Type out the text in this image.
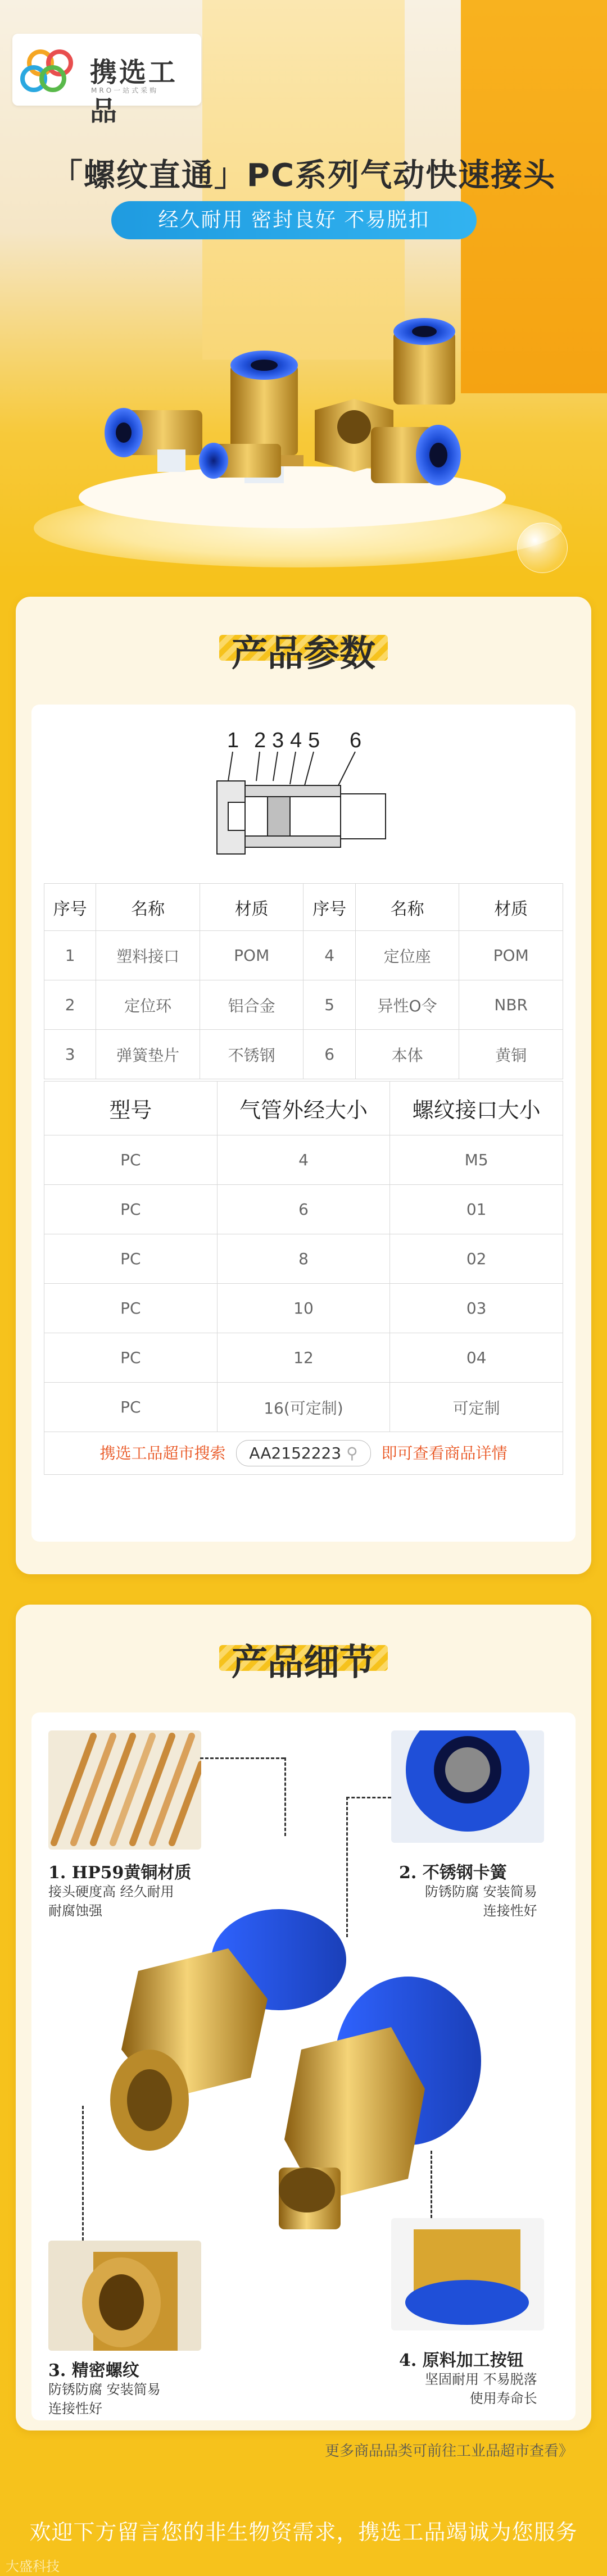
携选工品
MRO一站式采购
「螺纹直通」PC系列气动快速接头
经久耐用 密封良好 不易脱扣
产品参数
1 2 3 4 5 6
序号	名称	材质	序号	名称	材质
1	塑料接口	POM	4	定位座	POM
2	定位环	铝合金	5	异性O令	NBR
3	弹簧垫片	不锈钢	6	本体	黄铜
型号	气管外经大小	螺纹接口大小
PC	4	M5
PC	6	01
PC	8	02
PC	10	03
PC	12	04
PC	16(可定制)	可定制
携选工品超市搜索 AA2152223 ⚲ 即可查看商品详情		
产品细节
1. HP59黄铜材质
接头硬度高 经久耐用
耐腐蚀强
2. 不锈钢卡簧
防锈防腐 安装简易
连接性好
3. 精密螺纹
防锈防腐 安装简易
连接性好
4. 原料加工按钮
坚固耐用 不易脱落
使用寿命长
更多商品品类可前往工业品超市查看》
欢迎下方留言您的非生物资需求，携选工品竭诚为您服务
大盛科技
